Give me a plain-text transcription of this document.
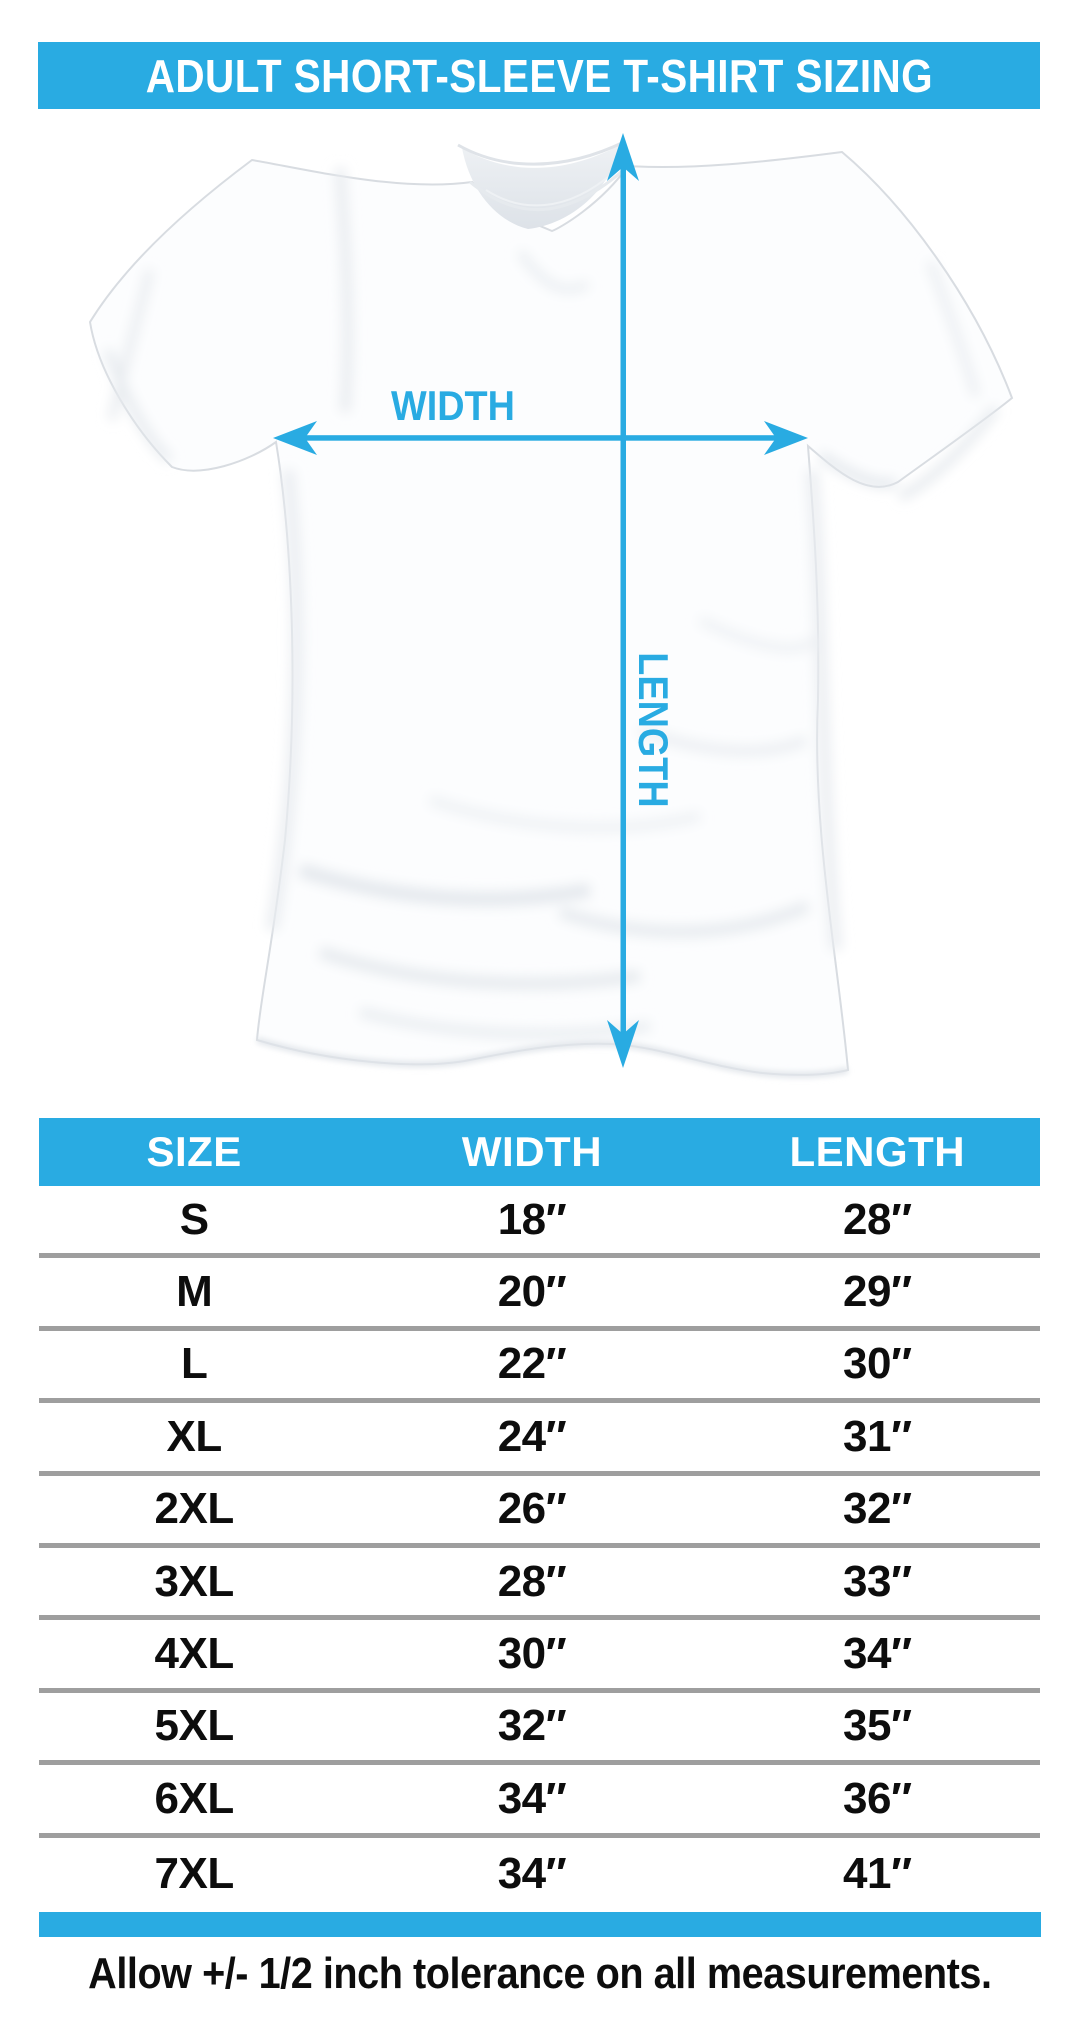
ADULT SHORT-SLEEVE T-SHIRT SIZING
WIDTH
LENGTH
SIZE	WIDTH	LENGTH
S	18″	28″
M	20″	29″
L	22″	30″
XL	24″	31″
2XL	26″	32″
3XL	28″	33″
4XL	30″	34″
5XL	32″	35″
6XL	34″	36″
7XL	34″	41″
Allow +/- 1/2 inch tolerance on all measurements.
